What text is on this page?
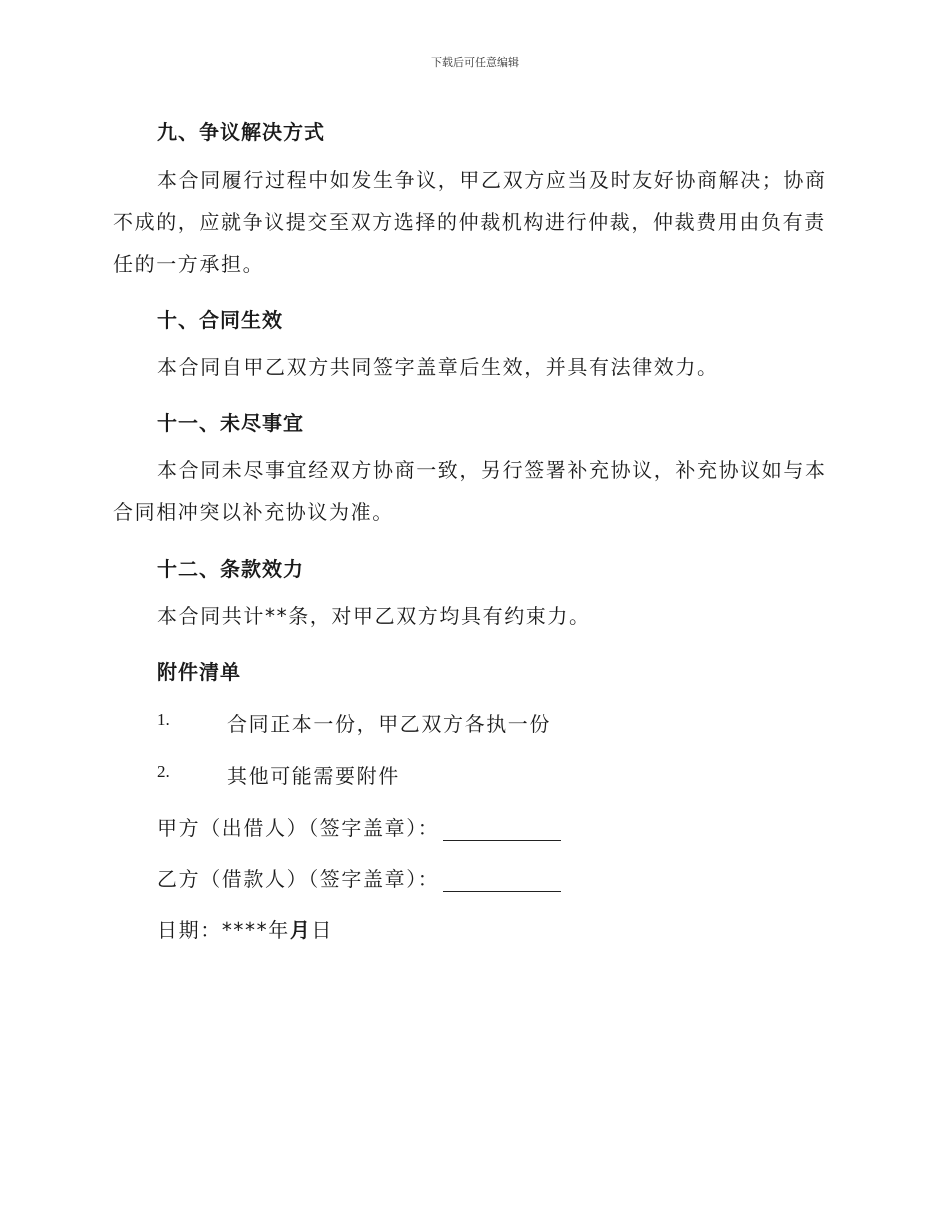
下载后可任意编辑
九、争议解决方式
本合同履行过程中如发生争议，甲乙双方应当及时友好协商解决；协商不成的，应就争议提交至双方选择的仲裁机构进行仲裁，仲裁费用由负有责任的一方承担。
十、合同生效
本合同自甲乙双方共同签字盖章后生效，并具有法律效力。
十一、未尽事宜
本合同未尽事宜经双方协商一致，另行签署补充协议，补充协议如与本合同相冲突以补充协议为准。
十二、条款效力
本合同共计**条，对甲乙双方均具有约束力。
附件清单
1.	合同正本一份，甲乙双方各执一份
2.	其他可能需要附件
甲方（出借人）（签字盖章）：
乙方（借款人）（签字盖章）：
日期：****年月日
